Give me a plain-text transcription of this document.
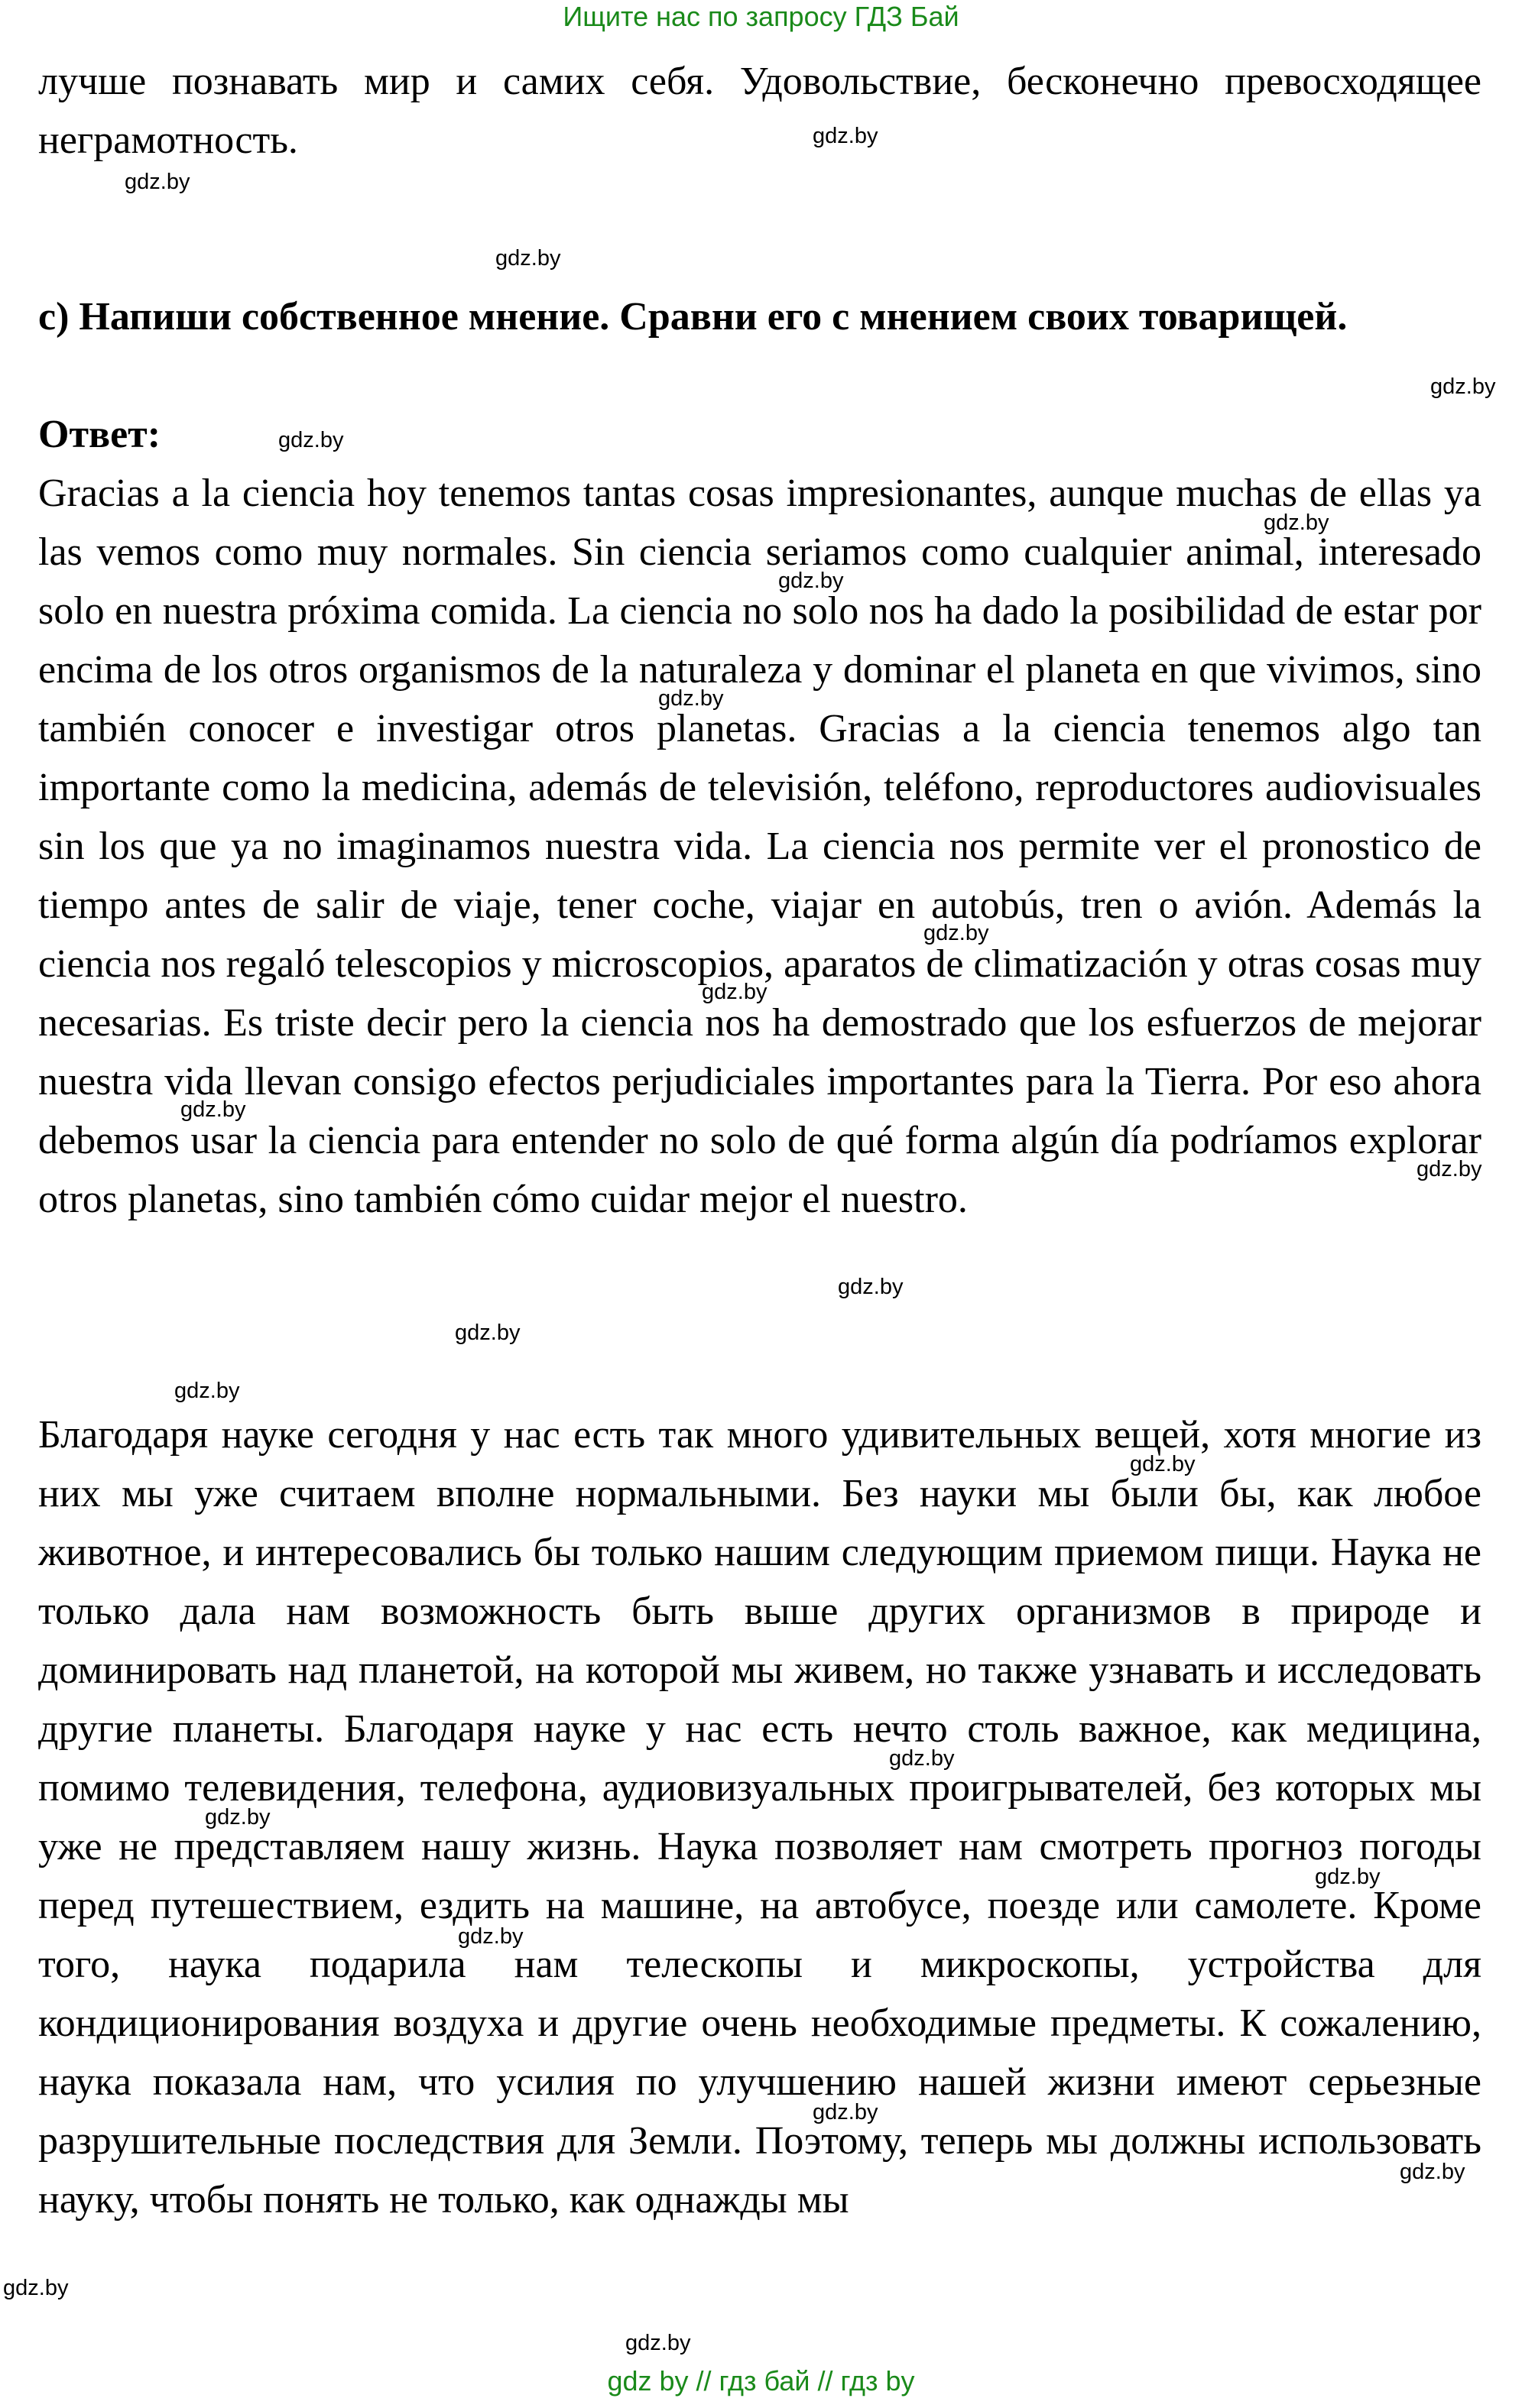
Ищите нас по запросу ГДЗ Бай
лучше познавать мир и самих себя. Удовольствие, бесконечно превосходящее неграмотность.
с) Напиши собственное мнение. Сравни его с мнением своих товарищей.
Ответ:
Gracias a la ciencia hoy tenemos tantas cosas impresionantes, aunque muchas de ellas ya las vemos como muy normales. Sin ciencia seriamos como cualquier animal, interesado solo en nuestra próxima comida. La ciencia no solo nos ha dado la posibilidad de estar por encima de los otros organismos de la naturaleza y dominar el planeta en que vivimos, sino también conocer e investigar otros planetas. Gracias a la ciencia tenemos algo tan importante como la medicina, además de televisión, teléfono, reproductores audiovisuales sin los que ya no imaginamos nuestra vida. La ciencia nos permite ver el pronostico de tiempo antes de salir de viaje, tener coche, viajar en autobús, tren o avión. Además la ciencia nos regaló telescopios y microscopios, aparatos de climatización y otras cosas muy necesarias. Es triste decir pero la ciencia nos ha demostrado que los esfuerzos de mejorar nuestra vida llevan consigo efectos perjudiciales importantes para la Tierra. Por eso ahora debemos usar la ciencia para entender no solo de qué forma algún día podríamos explorar otros planetas, sino también cómo cuidar mejor el nuestro.
Благодаря науке сегодня у нас есть так много удивительных вещей, хотя многие из них мы уже считаем вполне нормальными. Без науки мы были бы, как любое животное, и интересовались бы только нашим следующим приемом пищи. Наука не только дала нам возможность быть выше других организмов в природе и доминировать над планетой, на которой мы живем, но также узнавать и исследовать другие планеты. Благодаря науке у нас есть нечто столь важное, как медицина, помимо телевидения, телефона, аудиовизуальных проигрывателей, без которых мы уже не представляем нашу жизнь. Наука позволяет нам смотреть прогноз погоды перед путешествием, ездить на машине, на автобусе, поезде или самолете. Кроме того, наука подарила нам телескопы и микроскопы, устройства для кондиционирования воздуха и другие очень необходимые предметы. К сожалению, наука показала нам, что усилия по улучшению нашей жизни имеют серьезные разрушительные последствия для Земли. Поэтому, теперь мы должны использовать науку, чтобы понять не только, как однажды мы
gdz.by
gdz.by
gdz.by
gdz.by
gdz.by
gdz.by
gdz.by
gdz.by
gdz.by
gdz.by
gdz.by
gdz.by
gdz.by
gdz.by
gdz.by
gdz.by
gdz.by
gdz.by
gdz.by
gdz.by
gdz.by
gdz.by
gdz.by
gdz.by
gdz by // гдз бай // гдз by
